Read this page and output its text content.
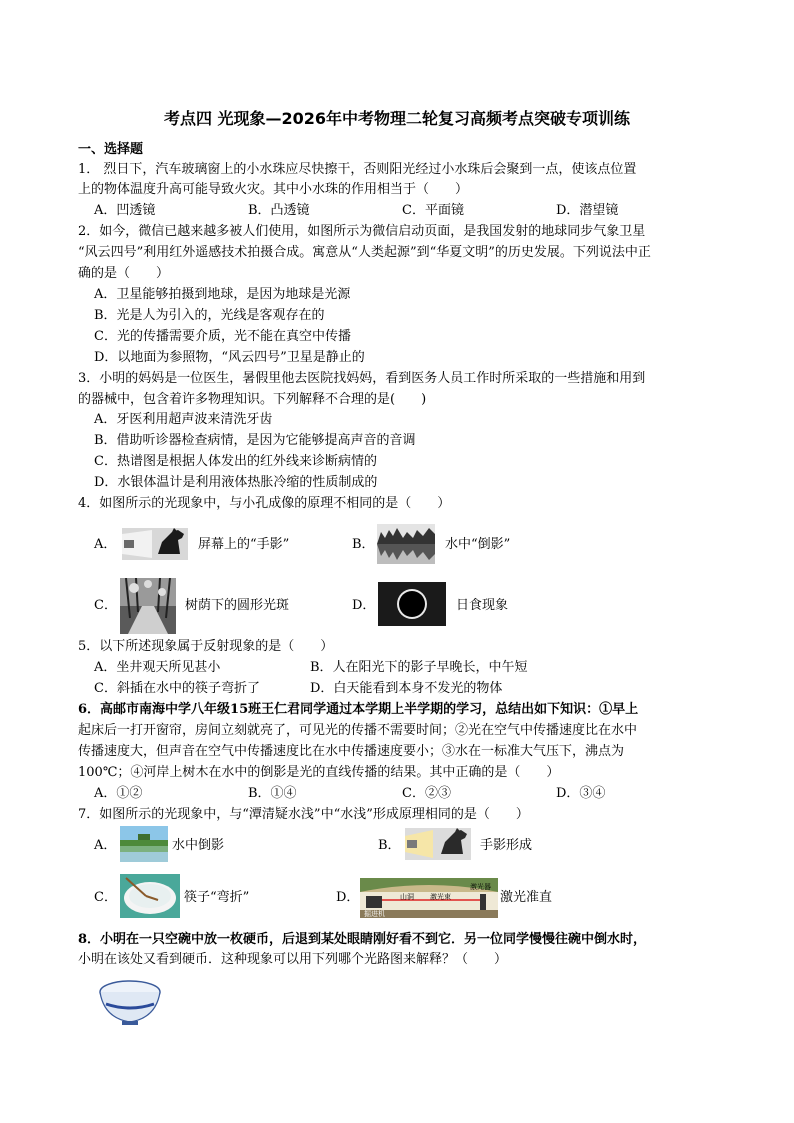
考点四 光现象—2026年中考物理二轮复习高频考点突破专项训练
一、选择题
1． 烈日下，汽车玻璃窗上的小水珠应尽快擦干，否则阳光经过小水珠后会聚到一点，使该点位置
上的物体温度升高可能导致火灾。其中小水珠的作用相当于（　　）
A．凹透镜	B．凸透镜	C．平面镜	D．潜望镜
2．如今，微信已越来越多被人们使用，如图所示为微信启动页面，是我国发射的地球同步气象卫星
“风云四号”利用红外遥感技术拍摄合成。寓意从“人类起源”到“华夏文明”的历史发展。下列说法中正
确的是（　　）
A．卫星能够拍摄到地球，是因为地球是光源
B．光是人为引入的，光线是客观存在的
C．光的传播需要介质，光不能在真空中传播
D．以地面为参照物，“风云四号”卫星是静止的
3．小明的妈妈是一位医生，暑假里他去医院找妈妈，看到医务人员工作时所采取的一些措施和用到
的器械中，包含着许多物理知识。下列解释不合理的是(　　)
A．牙医利用超声波来清洗牙齿
B．借助听诊器检查病情，是因为它能够提高声音的音调
C．热谱图是根据人体发出的红外线来诊断病情的
D．水银体温计是利用液体热胀冷缩的性质制成的
4．如图所示的光现象中，与小孔成像的原理不相同的是（　　）
A．	屏幕上的“手影”	B．	水中“倒影”
C．	树荫下的圆形光斑	D．	日食现象
5．以下所述现象属于反射现象的是（　　）
A．坐井观天所见甚小	B．人在阳光下的影子早晚长，中午短
C．斜插在水中的筷子弯折了	D．白天能看到本身不发光的物体
6．高邮市南海中学八年级15班王仁君同学通过本学期上半学期的学习，总结出如下知识：①早上
起床后一打开窗帘，房间立刻就亮了，可见光的传播不需要时间；②光在空气中传播速度比在水中
传播速度大，但声音在空气中传播速度比在水中传播速度要小；③水在一标准大气压下，沸点为
100℃；④河岸上树木在水中的倒影是光的直线传播的结果。其中正确的是（　　）
A．①②	B．①④	C．②③	D．③④
7．如图所示的光现象中，与“潭清疑水浅”中“水浅”形成原理相同的是（　　）
A．	水中倒影	B．	手影形成
C．	筷子“弯折”	D．	山洞 激光束
激光器
掘进机
激光准直
8．小明在一只空碗中放一枚硬币，后退到某处眼睛刚好看不到它．另一位同学慢慢往碗中倒水时，
小明在该处又看到硬币．这种现象可以用下列哪个光路图来解释？（　　）
